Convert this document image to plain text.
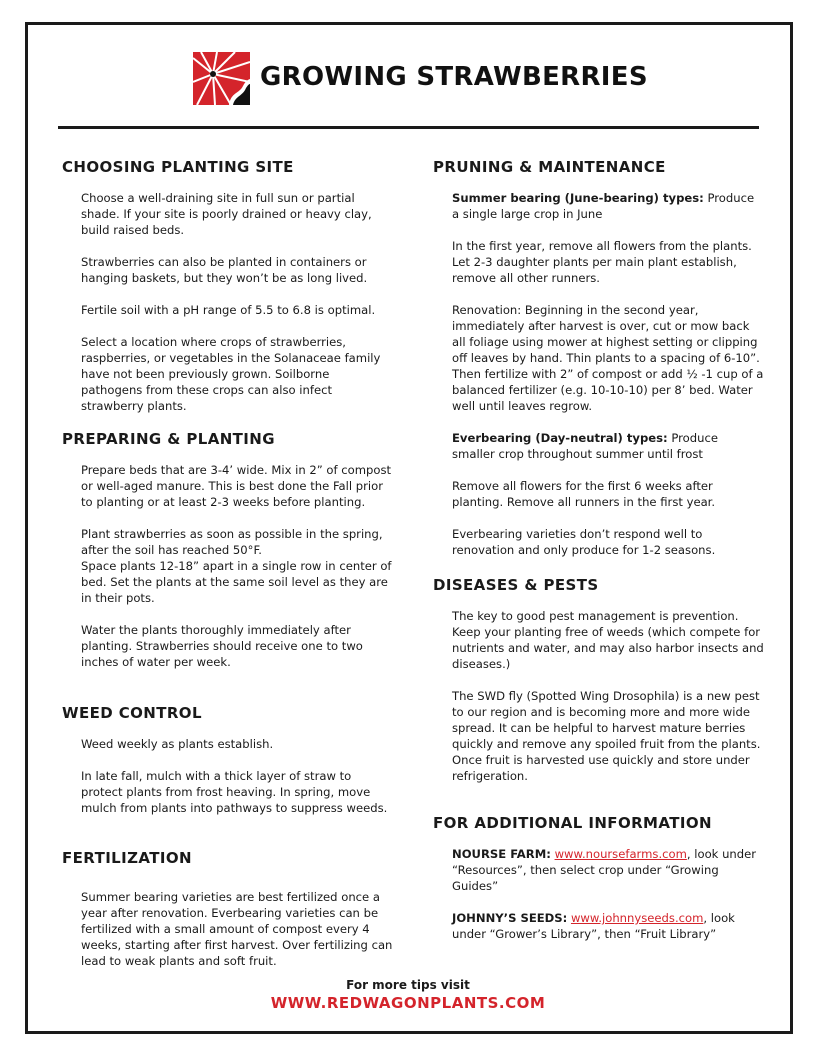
GROWING STRAWBERRIES
CHOOSING PLANTING SITE

Choose a well-draining site in full sun or partial shade. If your site is poorly drained or heavy clay, build raised beds.

Strawberries can also be planted in containers or hanging baskets, but they won’t be as long lived.

Fertile soil with a pH range of 5.5 to 6.8 is optimal.

Select a location where crops of strawberries, raspberries, or vegetables in the Solanaceae family have not been previously grown. Soilborne pathogens from these crops can also infect strawberry plants.

PREPARING & PLANTING

Prepare beds that are 3-4’ wide. Mix in 2” of compost or well-aged manure. This is best done the Fall prior to planting or at least 2-3 weeks before planting.

Plant strawberries as soon as possible in the spring, after the soil has reached 50°F.

Space plants 12-18” apart in a single row in center of bed. Set the plants at the same soil level as they are in their pots.

Water the plants thoroughly immediately after planting. Strawberries should receive one to two inches of water per week.

WEED CONTROL

Weed weekly as plants establish.

In late fall, mulch with a thick layer of straw to protect plants from frost heaving. In spring, move mulch from plants into pathways to suppress weeds.

FERTILIZATION

Summer bearing varieties are best fertilized once a year after renovation. Everbearing varieties can be fertilized with a small amount of compost every 4 weeks, starting after first harvest. Over fertilizing can lead to weak plants and soft fruit.

PRUNING & MAINTENANCE

Summer bearing (June-bearing) types: Produce a single large crop in June

In the first year, remove all flowers from the plants. Let 2-3 daughter plants per main plant establish, remove all other runners.

Renovation: Beginning in the second year, immediately after harvest is over, cut or mow back all foliage using mower at highest setting or clipping off leaves by hand. Thin plants to a spacing of 6-10”. Then fertilize with 2” of compost or add ½ -1 cup of a balanced fertilizer (e.g. 10-10-10) per 8’ bed. Water well until leaves regrow.

Everbearing (Day-neutral) types: Produce smaller crop throughout summer until frost

Remove all flowers for the first 6 weeks after planting. Remove all runners in the first year.

Everbearing varieties don’t respond well to renovation and only produce for 1-2 seasons.

DISEASES & PESTS

The key to good pest management is prevention. Keep your planting free of weeds (which compete for nutrients and water, and may also harbor insects and diseases.)

The SWD fly (Spotted Wing Drosophila) is a new pest to our region and is becoming more and more wide spread. It can be helpful to harvest mature berries quickly and remove any spoiled fruit from the plants. Once fruit is harvested use quickly and store under refrigeration.

FOR ADDITIONAL INFORMATION

NOURSE FARM: www.noursefarms.com, look under “Resources”, then select crop under “Growing Guides”

JOHNNY’S SEEDS: www.johnnyseeds.com, look under “Grower’s Library”, then “Fruit Library”

For more tips visit
WWW.REDWAGONPLANTS.COM
